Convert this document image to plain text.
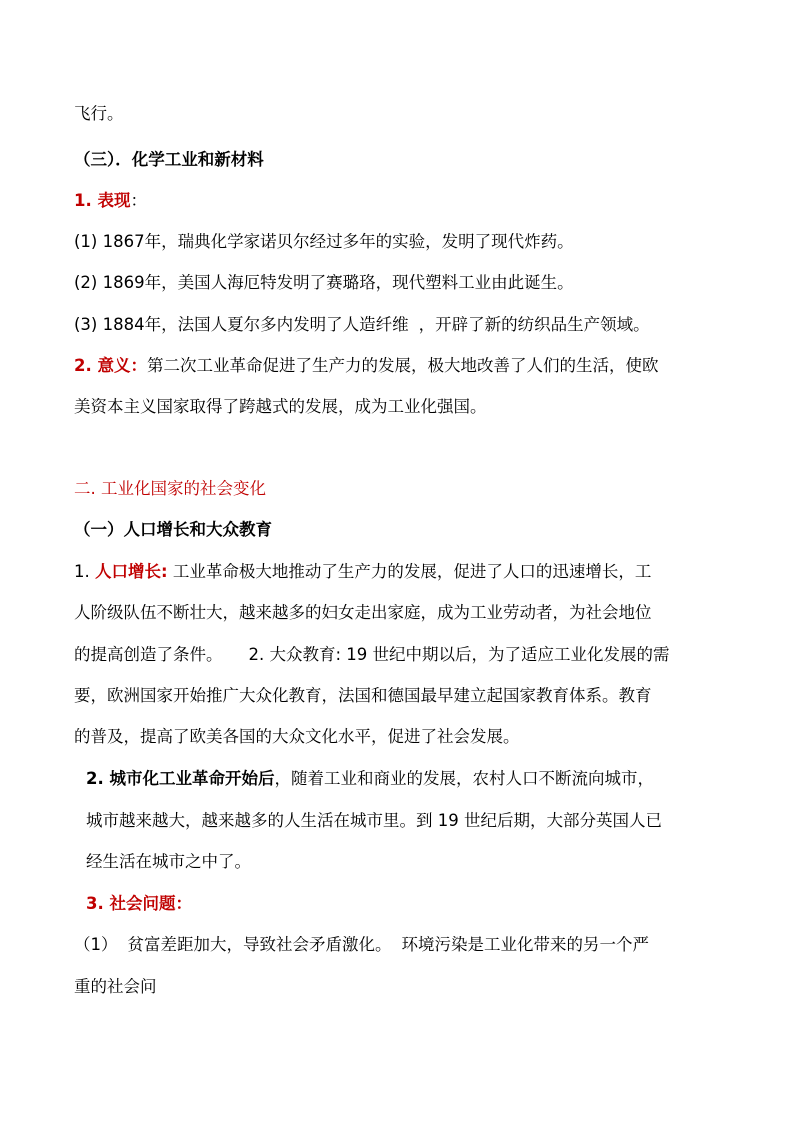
飞行。
（三）．化学工业和新材料
1. 表现：
(1) 1867年，瑞典化学家诺贝尔经过多年的实验，发明了现代炸药。
(2) 1869年，美国人海厄特发明了赛璐珞，现代塑料工业由此诞生。
(3) 1884年，法国人夏尔多内发明了人造纤维 ，开辟了新的纺织品生产领域。
2. 意义：第二次工业革命促进了生产力的发展，极大地改善了人们的生活，使欧
美资本主义国家取得了跨越式的发展，成为工业化强国。
二. 工业化国家的社会变化
（一）人口增长和大众教育
1. 人口增长: 工业革命极大地推动了生产力的发展，促进了人口的迅速增长，工
人阶级队伍不断壮大，越来越多的妇女走出家庭，成为工业劳动者，为社会地位
的提高创造了条件。 2. 大众教育: 19 世纪中期以后，为了适应工业化发展的需
要，欧洲国家开始推广大众化教育，法国和德国最早建立起国家教育体系。教育
的普及，提高了欧美各国的大众文化水平，促进了社会发展。
2. 城市化工业革命开始后，随着工业和商业的发展，农村人口不断流向城市，
城市越来越大，越来越多的人生活在城市里。到 19 世纪后期，大部分英国人已
经生活在城市之中了。
3. 社会问题：
（1） 贫富差距加大，导致社会矛盾激化。 环境污染是工业化带来的另一个严
重的社会问
